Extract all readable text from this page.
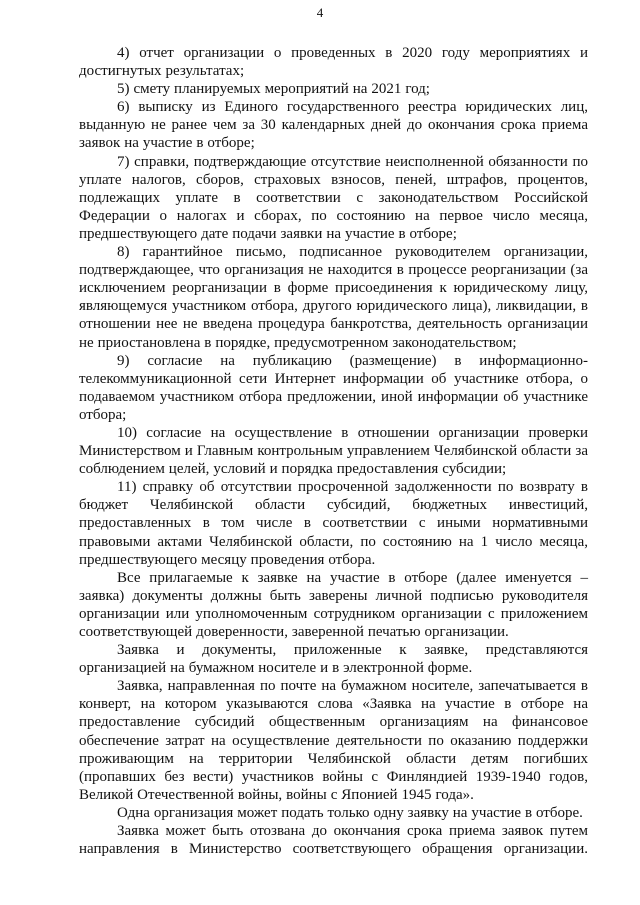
4

4) отчет организации о проведенных в 2020 году мероприятиях и достигнутых результатах;

5) смету планируемых мероприятий на 2021 год;

6) выписку из Единого государственного реестра юридических лиц, выданную не ранее чем за 30 календарных дней до окончания срока приема заявок на участие в отборе;

7) справки, подтверждающие отсутствие неисполненной обязанности по уплате налогов, сборов, страховых взносов, пеней, штрафов, процентов, подлежащих уплате в соответствии с законодательством Российской Федерации о налогах и сборах, по состоянию на первое число месяца, предшествующего дате подачи заявки на участие в отборе;

8) гарантийное письмо, подписанное руководителем организации, подтверждающее, что организация не находится в процессе реорганизации (за исключением реорганизации в форме присоединения к юридическому лицу, являющемуся участником отбора, другого юридического лица), ликвидации, в отношении нее не введена процедура банкротства, деятельность организации не приостановлена в порядке, предусмотренном законодательством;

9) согласие на публикацию (размещение) в информационно-телекоммуникационной сети Интернет информации об участнике отбора, о подаваемом участником отбора предложении, иной информации об участнике отбора;

10) согласие на осуществление в отношении организации проверки Министерством и Главным контрольным управлением Челябинской области за соблюдением целей, условий и порядка предоставления субсидии;

11) справку об отсутствии просроченной задолженности по возврату в бюджет Челябинской области субсидий, бюджетных инвестиций, предоставленных в том числе в соответствии с иными нормативными правовыми актами Челябинской области, по состоянию на 1 число месяца, предшествующего месяцу проведения отбора.

Все прилагаемые к заявке на участие в отборе (далее именуется – заявка) документы должны быть заверены личной подписью руководителя организации или уполномоченным сотрудником организации с приложением соответствующей доверенности, заверенной печатью организации.

Заявка и документы, приложенные к заявке, представляются организацией на бумажном носителе и в электронной форме.

Заявка, направленная по почте на бумажном носителе, запечатывается в конверт, на котором указываются слова «Заявка на участие в отборе на предоставление субсидий общественным организациям на финансовое обеспечение затрат на осуществление деятельности по оказанию поддержки проживающим на территории Челябинской области детям погибших (пропавших без вести) участников войны с Финляндией 1939-1940 годов, Великой Отечественной войны, войны с Японией 1945 года».

Одна организация может подать только одну заявку на участие в отборе.

Заявка может быть отозвана до окончания срока приема заявок путем направления в Министерство соответствующего обращения организации.
